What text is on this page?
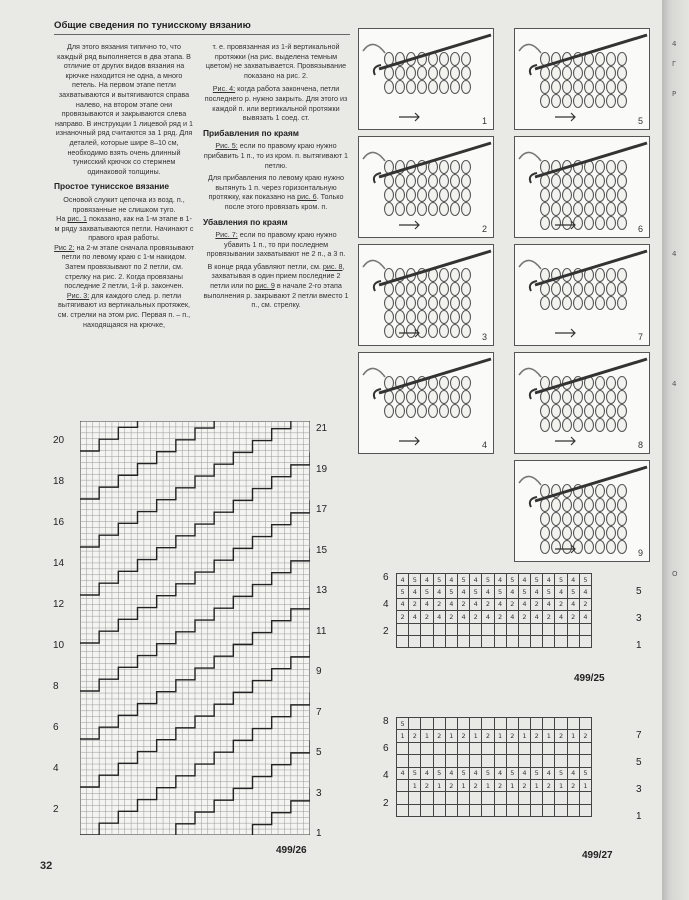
Общие сведения по тунисскому вязанию

Для этого вязания типично то, что каждый ряд выполняется в два этапа. В отличие от других видов вязания на крючке находится не одна, а много петель. На первом этапе петли захватываются и вытягиваются справа налево, на втором этапе они провязываются и закрываются слева направо. В инструкции 1 лицевой ряд и 1 изнаночный ряд считаются за 1 ряд. Для деталей, которые шире 8–10 см, необходимо взять очень длинный тунисский крючок со стержнем одинаковой толщины.

Простое тунисское вязание

Основой служит цепочка из возд. п., провязанные не слишком туго.

На рис. 1 показано, как на 1-м этапе в 1-м ряду захватываются петли. Начинают с правого края работы.

Рис 2: на 2-м этапе сначала провязывают петли по левому краю с 1-м накидом. Затем провязывают по 2 петли, см. стрелку на рис. 2. Когда провязаны последние 2 петли, 1-й р. закончен.

Рис. 3: для каждого след. р. петли вытягивают из вертикальных протяжек, см. стрелки на этом рис. Первая п. – п., находящаяся на крючке,

т. е. провязанная из 1-й вертикальной протяжки (на рис. выделена темным цветом) не захватывается. Провязывание показано на рис. 2.

Рис. 4: когда работа закончена, петли последнего р. нужно закрыть. Для этого из каждой п. или вертикальной протяжки вывязать 1 соед. ст.

Прибавления по краям

Рис. 5: если по правому краю нужно прибавить 1 п., то из кром. п. вытягивают 1 петлю.

Для прибавления по левому краю нужно вытянуть 1 п. через горизонтальную протяжку, как показано на рис. 6. Только после этого провязать кром. п.

Убавления по краям

Рис. 7: если по правому краю нужно убавить 1 п., то при последнем провязывании захватывают не 2 п., а 3 п.

В конце ряда убавляют петли, см. рис. 8, захватывая в один прием последние 2 петли или по рис. 9 в начале 2-го этапа выполнения р. закрывают 2 петли вместо 1 п., см. стрелку.

1
2
3
4
5
6
7
8
9
20
18
16
14
12
10
8
6
4
2
21
19
17
15
13
11
9
7
5
3
1
499/26
4	5	4	5	4	5	4	5	4	5	4	5	4	5	4	5
5	4	5	4	5	4	5	4	5	4	5	4	5	4	5	4
4	2	4	2	4	2	4	2	4	2	4	2	4	2	4	2
2	4	2	4	2	4	2	4	2	4	2	4	2	4	2	4

6
4
2
5
3
1
499/25
5															
1	2	1	2	1	2	1	2	1	2	1	2	1	2	1	2

4	5	4	5	4	5	4	5	4	5	4	5	4	5	4	5
	1	2	1	2	1	2	1	2	1	2	1	2	1	2	1

8
6
4
2
7
5
3
1
499/27
32
4
Г
Р
4
4
О
